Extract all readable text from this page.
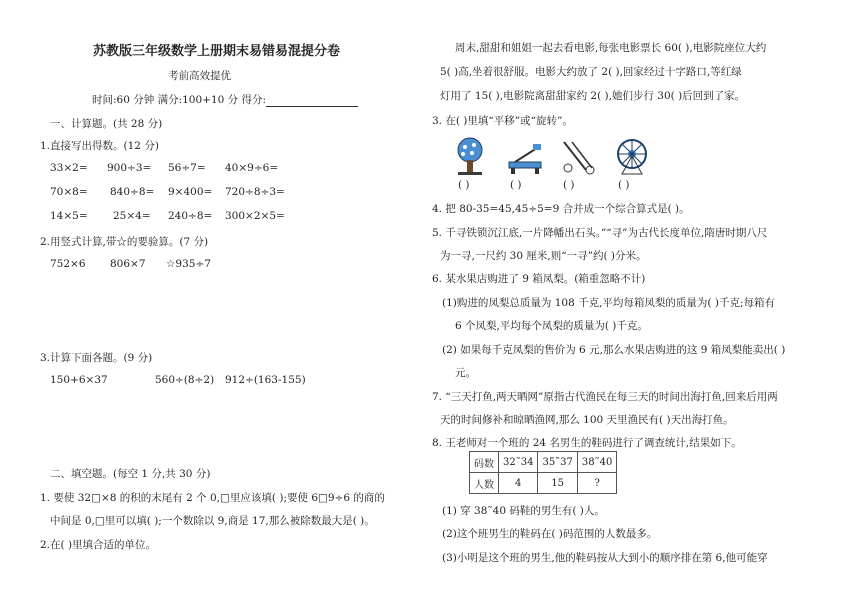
苏教版三年级数学上册期末易错易混提分卷
考前高效提优
时间:60 分钟 满分:100+10 分 得分:
一、计算题。(共 28 分)
1.直接写出得数。(12 分)
33×2= 900÷3= 56÷7= 40×9÷6=
70×8= 840÷8= 9×400= 720÷8÷3=
14×5= 25×4= 240÷8= 300×2×5=
2.用竖式计算,带☆的要验算。(7 分)
752×6 806×7 ☆935÷7
3.计算下面各题。(9 分)
150+6×37	560÷(8÷2) 912÷(163-155)
二、填空题。(每空 1 分,共 30 分)
1. 要使 32□×8 的积的末尾有 2 个 0,□里应该填( );要使 6□9÷6 的商的
中间是 0,□里可以填( );一个数除以 9,商是 17,那么被除数最大是( )。
2.在( )里填合适的单位。
周末,甜甜和姐姐一起去看电影,每张电影票长 60( ),电影院座位大约
5( )高,坐着很舒服。电影大约放了 2( ),回家经过十字路口,等红绿
灯用了 15( ),电影院离甜甜家约 2( ),她们步行 30( )后回到了家。
3. 在( )里填“平移”或“旋转”。
( )	( )	( )	( )
4. 把 80-35=45,45÷5=9 合并成一个综合算式是( )。
5. 千寻铁锁沉江底,一片降幡出石头。”“寻”为古代长度单位,隋唐时期八尺
为一寻,一尺约 30 厘米,则“一寻”约( )分米。
6. 某水果店购进了 9 箱凤梨。(箱重忽略不计)
(1)购进的凤梨总质量为 108 千克,平均每箱凤梨的质量为( )千克;每箱有
6 个凤梨,平均每个凤梨的质量为( )千克。
(2) 如果每千克凤梨的售价为 6 元,那么水果店购进的这 9 箱凤梨能卖出( )
元。
7. “三天打鱼,两天晒网”原指古代渔民在每三天的时间出海打鱼,回来后用两
天的时间修补和晾晒渔网,那么 100 天里渔民有( )天出海打鱼。
8. 王老师对一个班的 24 名男生的鞋码进行了调查统计,结果如下。
码数	32˜34	35˜37	38˜40
人数	4	15	?
(1) 穿 38˜40 码鞋的男生有( )人。
(2)这个班男生的鞋码在( )码范围的人数最多。
(3)小明是这个班的男生,他的鞋码按从大到小的顺序排在第 6,他可能穿
